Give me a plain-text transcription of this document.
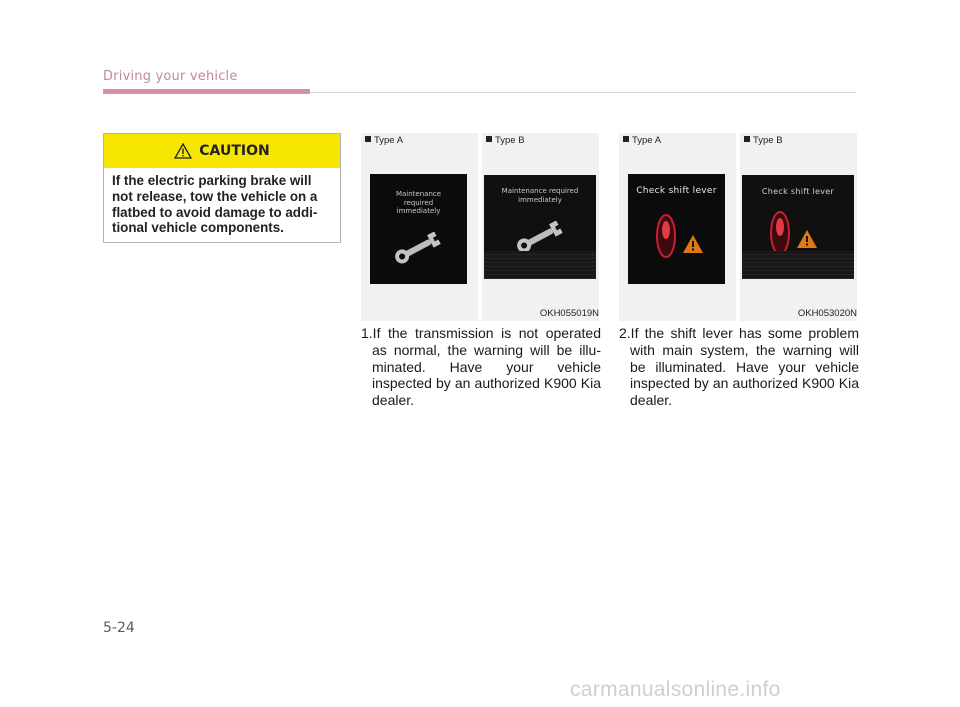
Driving your vehicle
CAUTION
If the electric parking brake will not release, tow the vehicle on a flatbed to avoid damage to addi-tional vehicle components.
Type A
Maintenance
required
immediately
Type B
Maintenance required
immediately
OKH055019N
Type A
Check shift lever
Type B
Check shift lever
OKH053020N
1.If the transmission is not operated as normal, the warning will be illu-minated. Have your vehicle inspected by an authorized K900 Kia dealer.
2.If the shift lever has some problem with main system, the warning will be illuminated. Have your vehicle inspected by an authorized K900 Kia dealer.
5-24
carmanualsonline.info
